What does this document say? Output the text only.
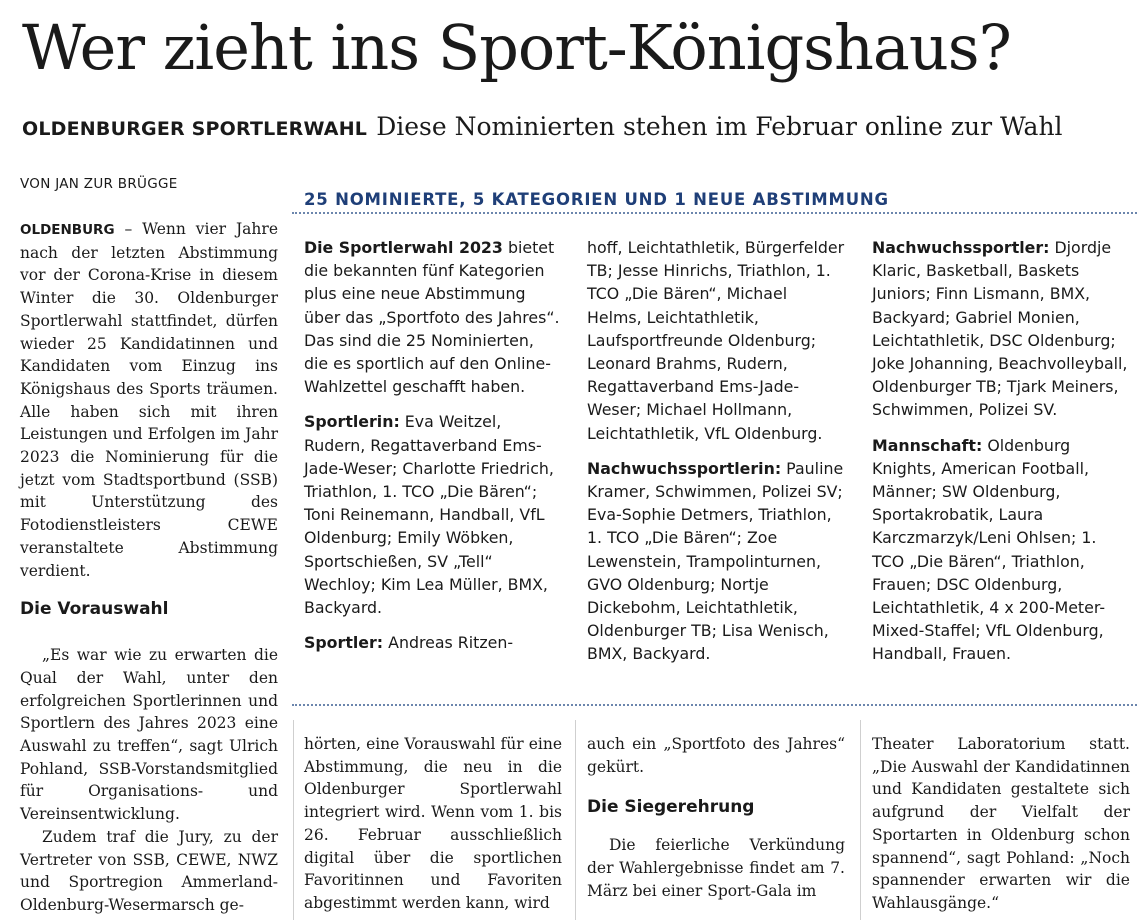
Wer zieht ins Sport-Königshaus?
OLDENBURGER SPORTLERWAHL Diese Nominierten stehen im Februar online zur Wahl
VON JAN ZUR BRÜGGE

OLDENBURG – Wenn vier Jahre nach der letzten Abstimmung vor der Corona-Krise in diesem Winter die 30. Oldenburger Sportlerwahl stattfindet, dürfen wieder 25 Kandidatinnen und Kandidaten vom Einzug ins Königshaus des Sports träumen. Alle haben sich mit ihren Leistungen und Erfolgen im Jahr 2023 die Nominierung für die jetzt vom Stadtsportbund (SSB) mit Unterstützung des Fotodienstleisters CEWE veranstaltete Abstimmung verdient.

Die Vorauswahl

„Es war wie zu erwarten die Qual der Wahl, unter den erfolgreichen Sportlerinnen und Sportlern des Jahres 2023 eine Auswahl zu treffen“, sagt Ulrich Pohland, SSB-Vorstandsmitglied für Organisations- und Vereinsentwicklung.

Zudem traf die Jury, zu der Vertreter von SSB, CEWE, NWZ und Sportregion Ammerland-Oldenburg-Wesermarsch ge-

25 NOMINIERTE, 5 KATEGORIEN UND 1 NEUE ABSTIMMUNG

Die Sportlerwahl 2023 bietet die bekannten fünf Kategorien plus eine neue Abstimmung über das „Sportfoto des Jahres“. Das sind die 25 Nominierten, die es sportlich auf den Online-Wahlzettel geschafft haben.

Sportlerin: Eva Weitzel, Rudern, Regattaverband Ems-Jade-Weser; Charlotte Friedrich, Triathlon, 1. TCO „Die Bären“; Toni Reinemann, Handball, VfL Oldenburg; Emily Wöbken, Sportschießen, SV „Tell“ Wechloy; Kim Lea Müller, BMX, Backyard.

Sportler: Andreas Ritzen-

hoff, Leichtathletik, Bürgerfelder TB; Jesse Hinrichs, Triathlon, 1. TCO „Die Bären“, Michael Helms, Leichtathletik, Laufsportfreunde Oldenburg; Leonard Brahms, Rudern, Regattaverband Ems-Jade-Weser; Michael Hollmann, Leichtathletik, VfL Oldenburg.

Nachwuchssportlerin: Pauline Kramer, Schwimmen, Polizei SV; Eva-Sophie Detmers, Triathlon, 1. TCO „Die Bären“; Zoe Lewenstein, Trampolinturnen, GVO Oldenburg; Nortje Dickebohm, Leichtathletik, Oldenburger TB; Lisa Wenisch, BMX, Backyard.

Nachwuchssportler: Djordje Klaric, Basketball, Baskets Juniors; Finn Lismann, BMX, Backyard; Gabriel Monien, Leichtathletik, DSC Oldenburg; Joke Johanning, Beachvolleyball, Oldenburger TB; Tjark Meiners, Schwimmen, Polizei SV.

Mannschaft: Oldenburg Knights, American Football, Männer; SW Oldenburg, Sportakrobatik, Laura Karczmarzyk/Leni Ohlsen; 1. TCO „Die Bären“, Triathlon, Frauen; DSC Oldenburg, Leichtathletik, 4 x 200-Meter-Mixed-Staffel; VfL Oldenburg, Handball, Frauen.

hörten, eine Vorauswahl für eine Abstimmung, die neu in die Oldenburger Sportlerwahl integriert wird. Wenn vom 1. bis 26. Februar ausschließlich digital über die sportlichen Favoritinnen und Favoriten abgestimmt werden kann, wird

auch ein „Sportfoto des Jahres“ gekürt.

Die Siegerehrung

Die feierliche Verkündung der Wahlergebnisse findet am 7. März bei einer Sport-Gala im

Theater Laboratorium statt. „Die Auswahl der Kandidatinnen und Kandidaten gestaltete sich aufgrund der Vielfalt der Sportarten in Oldenburg schon spannend“, sagt Pohland: „Noch spannender erwarten wir die Wahlausgänge.“
